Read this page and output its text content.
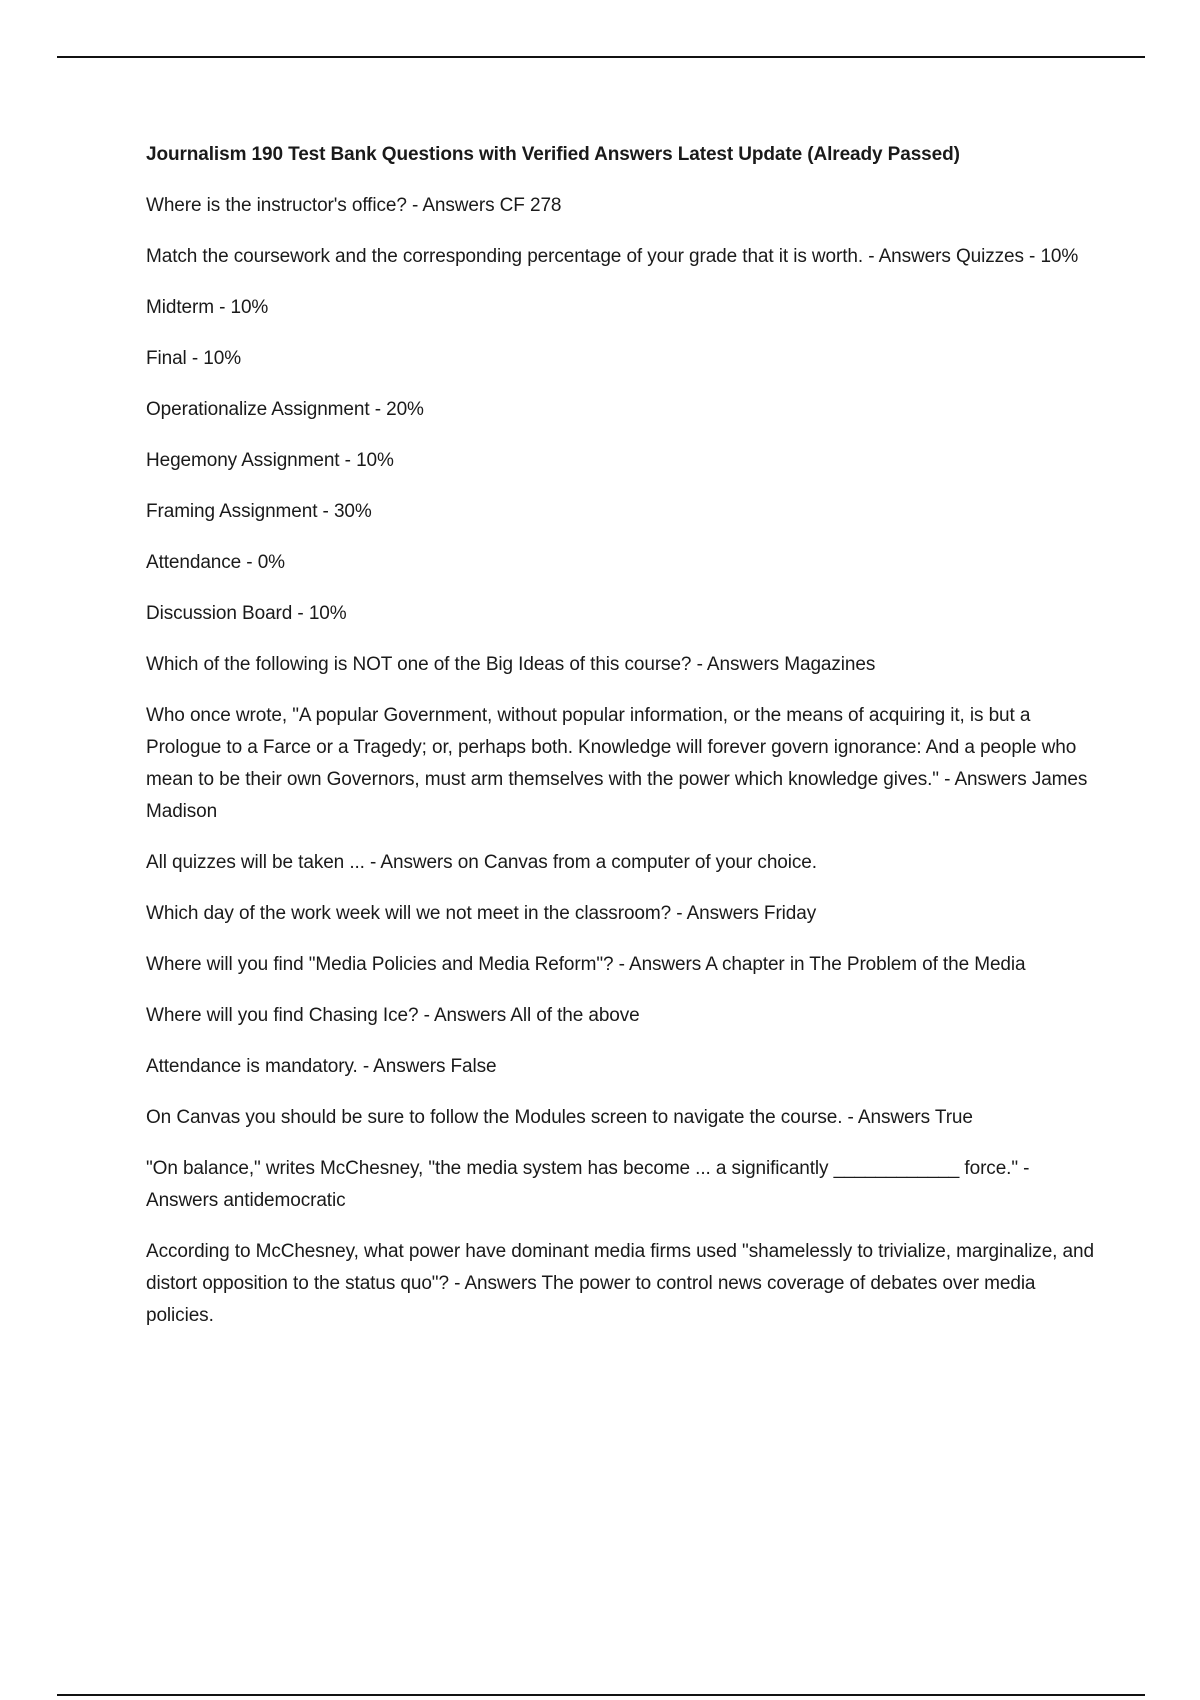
Journalism 190 Test Bank Questions with Verified Answers Latest Update (Already Passed)

Where is the instructor's office? - Answers CF 278

Match the coursework and the corresponding percentage of your grade that it is worth. - Answers Quizzes - 10%

Midterm - 10%

Final - 10%

Operationalize Assignment - 20%

Hegemony Assignment - 10%

Framing Assignment - 30%

Attendance - 0%

Discussion Board - 10%

Which of the following is NOT one of the Big Ideas of this course? - Answers Magazines

Who once wrote, "A popular Government, without popular information, or the means of acquiring it, is but a Prologue to a Farce or a Tragedy; or, perhaps both. Knowledge will forever govern ignorance: And a people who mean to be their own Governors, must arm themselves with the power which knowledge gives." - Answers James Madison

All quizzes will be taken ... - Answers on Canvas from a computer of your choice.

Which day of the work week will we not meet in the classroom? - Answers Friday

Where will you find "Media Policies and Media Reform"? - Answers A chapter in The Problem of the Media

Where will you find Chasing Ice? - Answers All of the above

Attendance is mandatory. - Answers False

On Canvas you should be sure to follow the Modules screen to navigate the course. - Answers True

"On balance," writes McChesney, "the media system has become ... a significantly ____________ force." - Answers antidemocratic

According to McChesney, what power have dominant media firms used "shamelessly to trivialize, marginalize, and distort opposition to the status quo"? - Answers The power to control news coverage of debates over media policies.
